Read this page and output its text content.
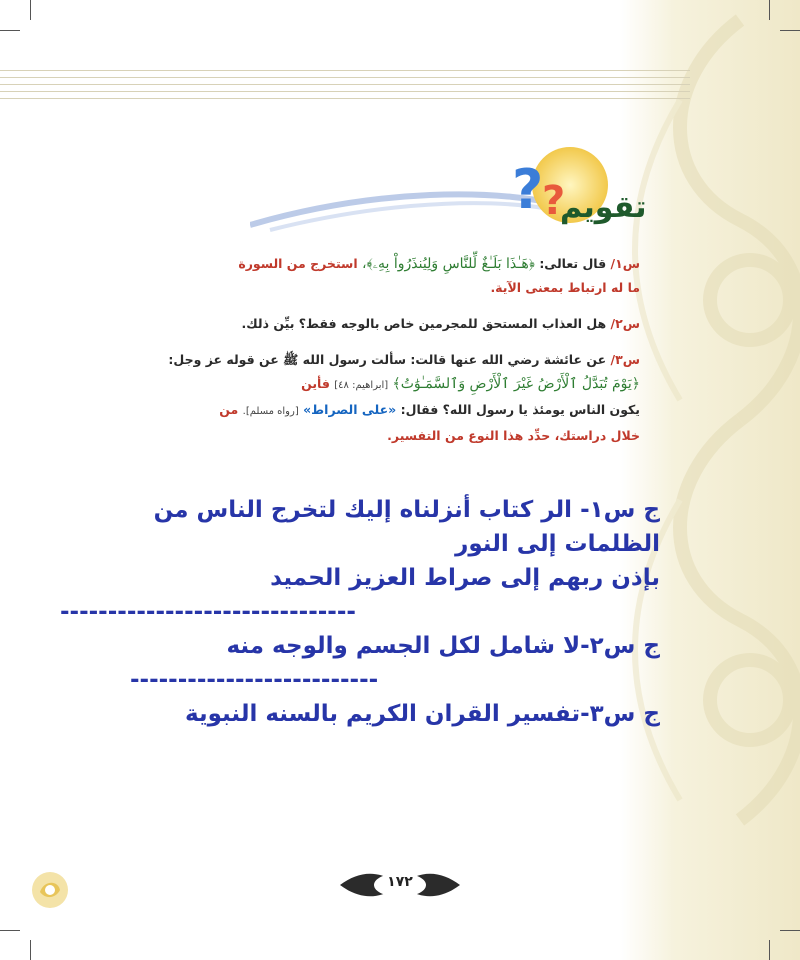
?
?
تقويم
س١/ قال تعالى: ﴿هَـٰذَا بَلَـٰغٌ لِّلنَّاسِ وَلِيُنذَرُواْ بِهِۦ﴾، استخرج من السورة
ما له ارتباط بمعنى الآية.
س٢/ هل العذاب المستحق للمجرمين خاص بالوجه فقط؟ بيِّن ذلك.
س٣/ عن عائشة رضي الله عنها قالت: سألت رسول الله ﷺ عن قوله عز وجل:
﴿يَوْمَ تُبَدَّلُ ٱلْأَرْضُ غَيْرَ ٱلْأَرْضِ وَٱلسَّمَـٰوَٰتُ﴾ [ابراهيم: ٤٨] فأين
يكون الناس يومئذ يا رسول الله؟ فقال: «على الصراط» [رواه مسلم]. من
خلال دراستك، حدِّد هذا النوع من التفسير.

ج س١- الر كتاب أنزلناه إليك لتخرج الناس من الظلمات إلى النور

بإذن ربهم إلى صراط العزيز الحميد

-------------------------------

ج س٢-لا شامل لكل الجسم والوجه منه

--------------------------

ج س٣-تفسير القران الكريم بالسنه النبوية

١٧٢
